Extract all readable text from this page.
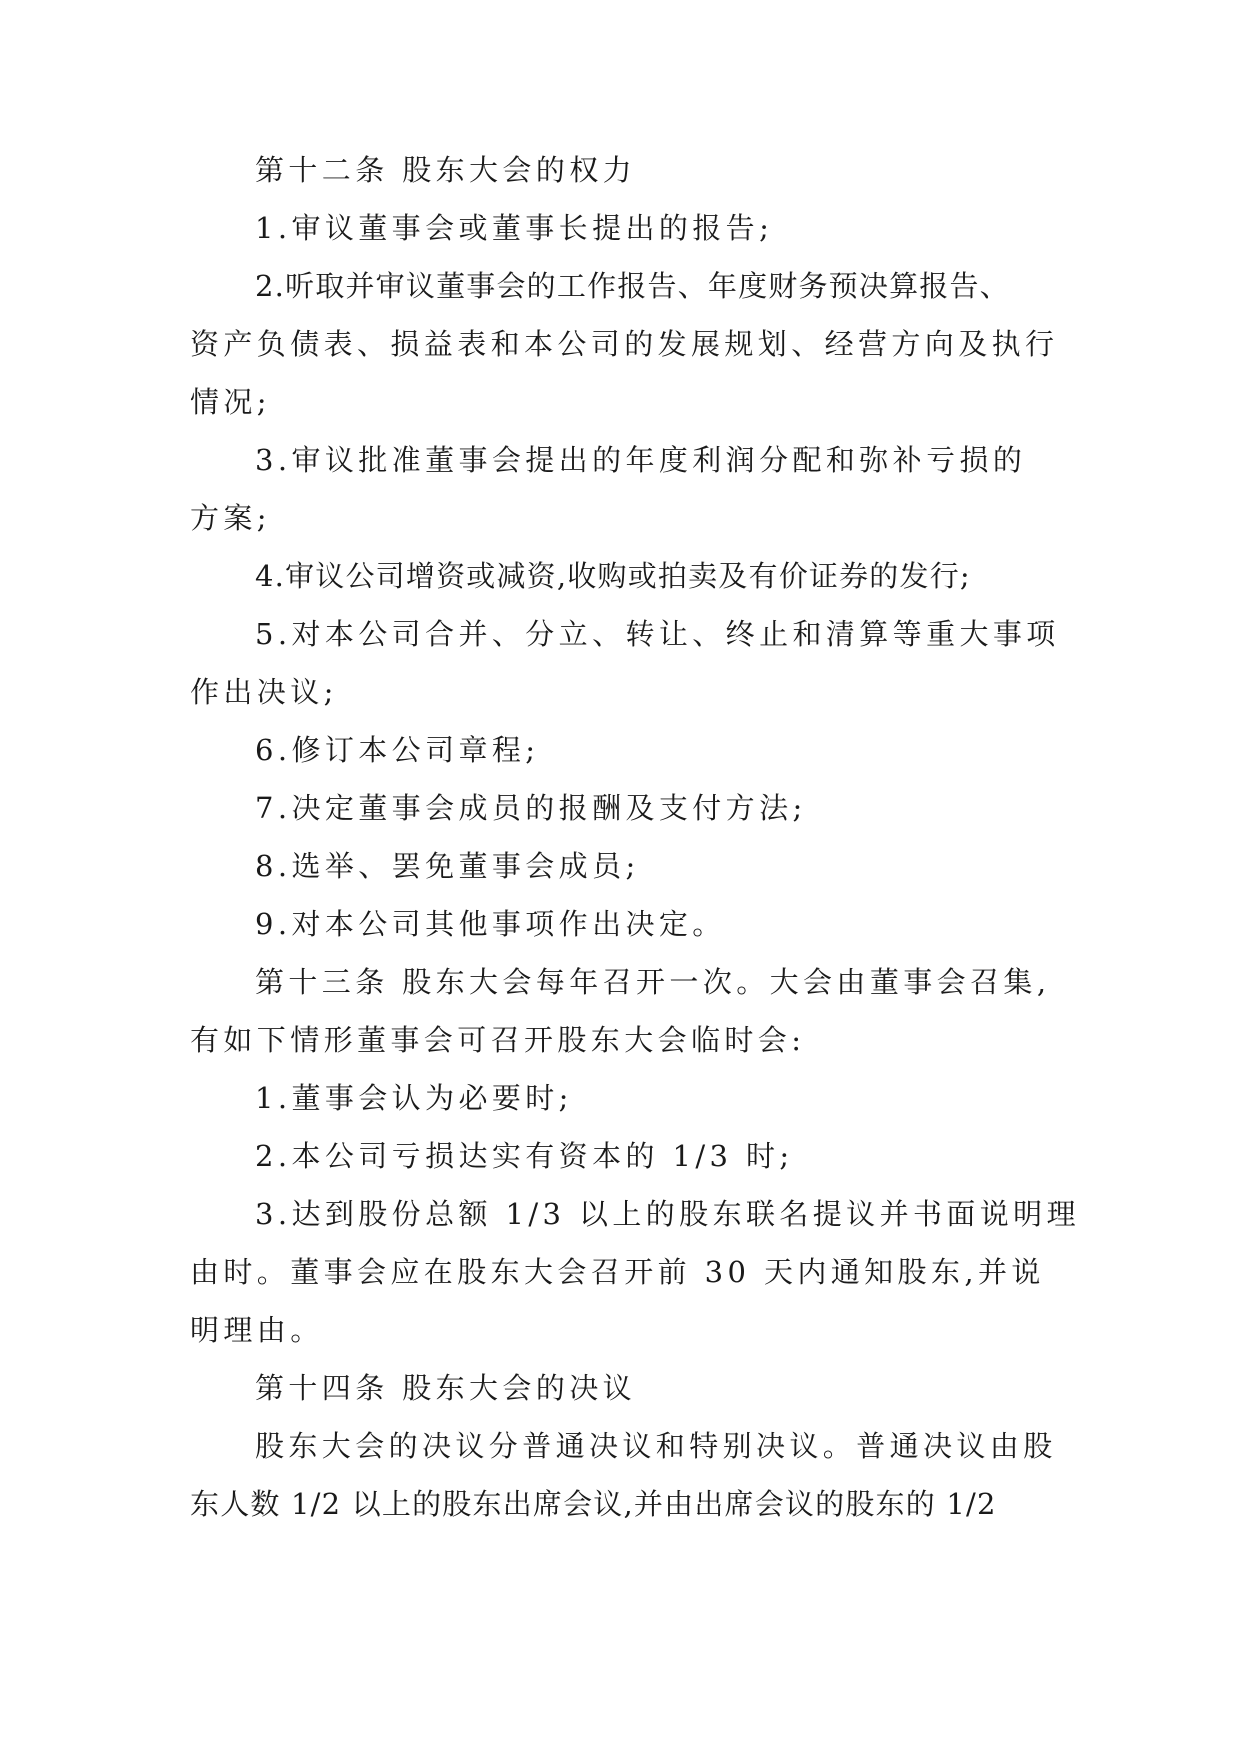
第十二条 股东大会的权力

1.审议董事会或董事长提出的报告;

2.听取并审议董事会的工作报告、年度财务预决算报告、

资产负债表、损益表和本公司的发展规划、经营方向及执行

情况;

3.审议批准董事会提出的年度利润分配和弥补亏损的

方案;

4.审议公司增资或减资,收购或拍卖及有价证券的发行;

5.对本公司合并、分立、转让、终止和清算等重大事项

作出决议;

6.修订本公司章程;

7.决定董事会成员的报酬及支付方法;

8.选举、罢免董事会成员;

9.对本公司其他事项作出决定。

第十三条 股东大会每年召开一次。大会由董事会召集,

有如下情形董事会可召开股东大会临时会:

1.董事会认为必要时;

2.本公司亏损达实有资本的 1/3 时;

3.达到股份总额 1/3 以上的股东联名提议并书面说明理

由时。董事会应在股东大会召开前 30 天内通知股东,并说

明理由。

第十四条 股东大会的决议

股东大会的决议分普通决议和特别决议。普通决议由股

东人数 1/2 以上的股东出席会议,并由出席会议的股东的 1/2
